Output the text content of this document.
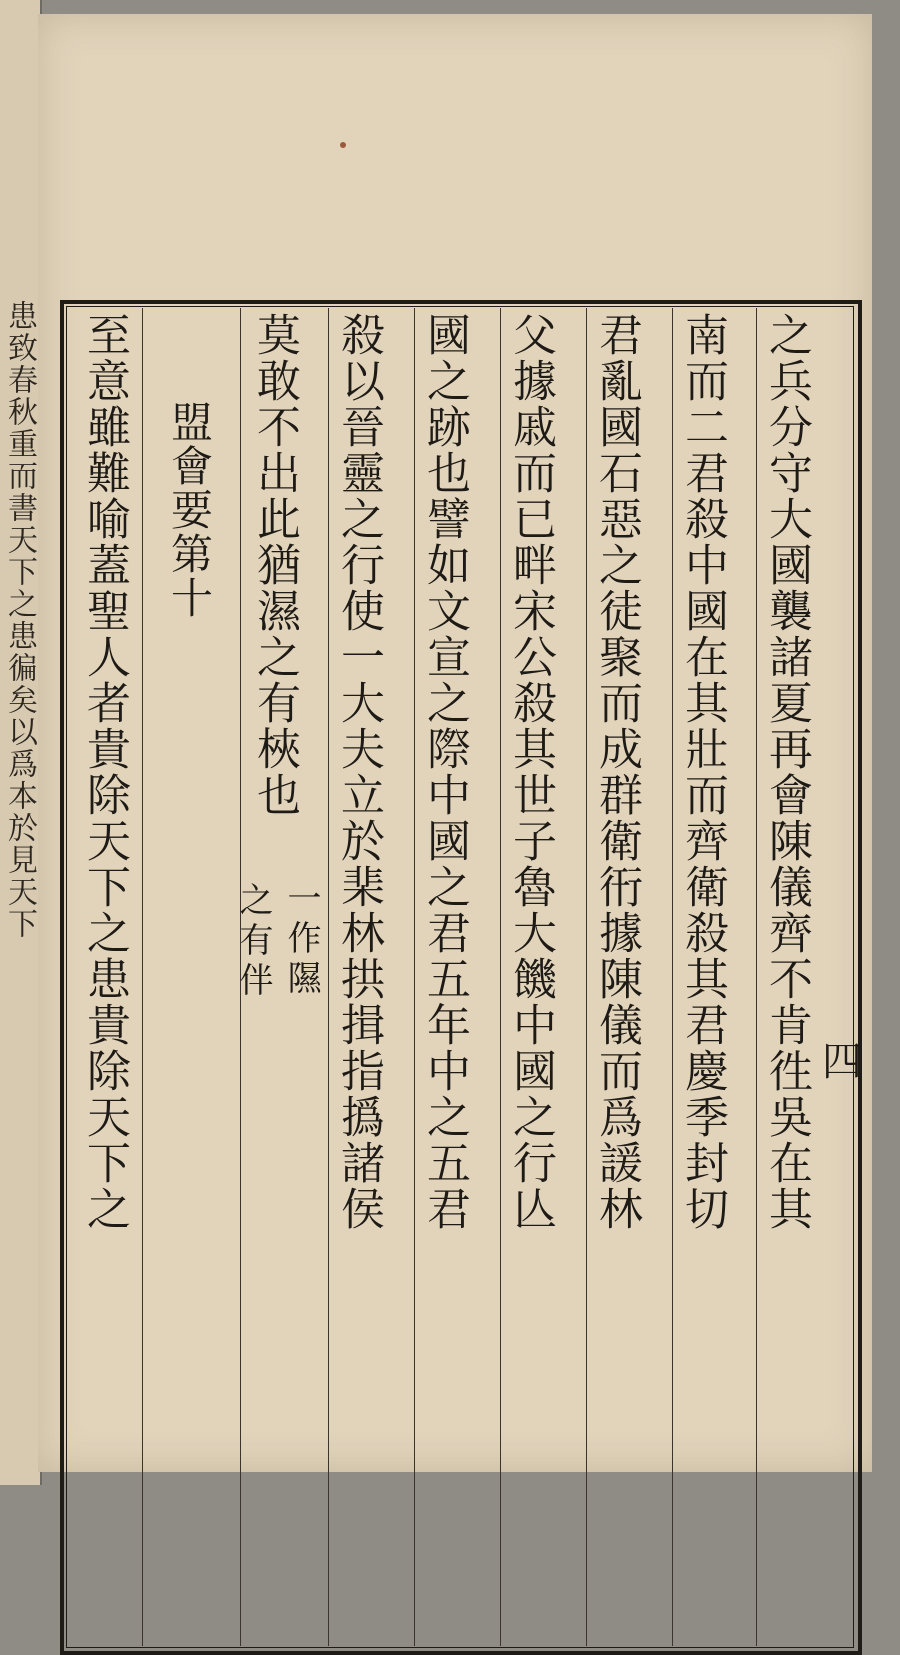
患致春秋重而書天下之患徧矣以爲本於見天下	之兵分守大國襲諸夏再會陳儀齊不肯徃吳在其
南而二君殺中國在其壯而齊衛殺其君慶季封切
君亂國石惡之徒聚而成群衛衎據陳儀而爲諼林
父據戚而已畔宋公殺其世子魯大饑中國之行亾
國之跡也譬如文宣之際中國之君五年中之五君
殺以晉靈之行使一大夫立於棐林拱揖指撝諸侯
莫敢不出此猶濕之有梜也
一作隰
之有伴
盟會要第十
至意雖難喻蓋聖人者貴除天下之患貴除天下之	四
